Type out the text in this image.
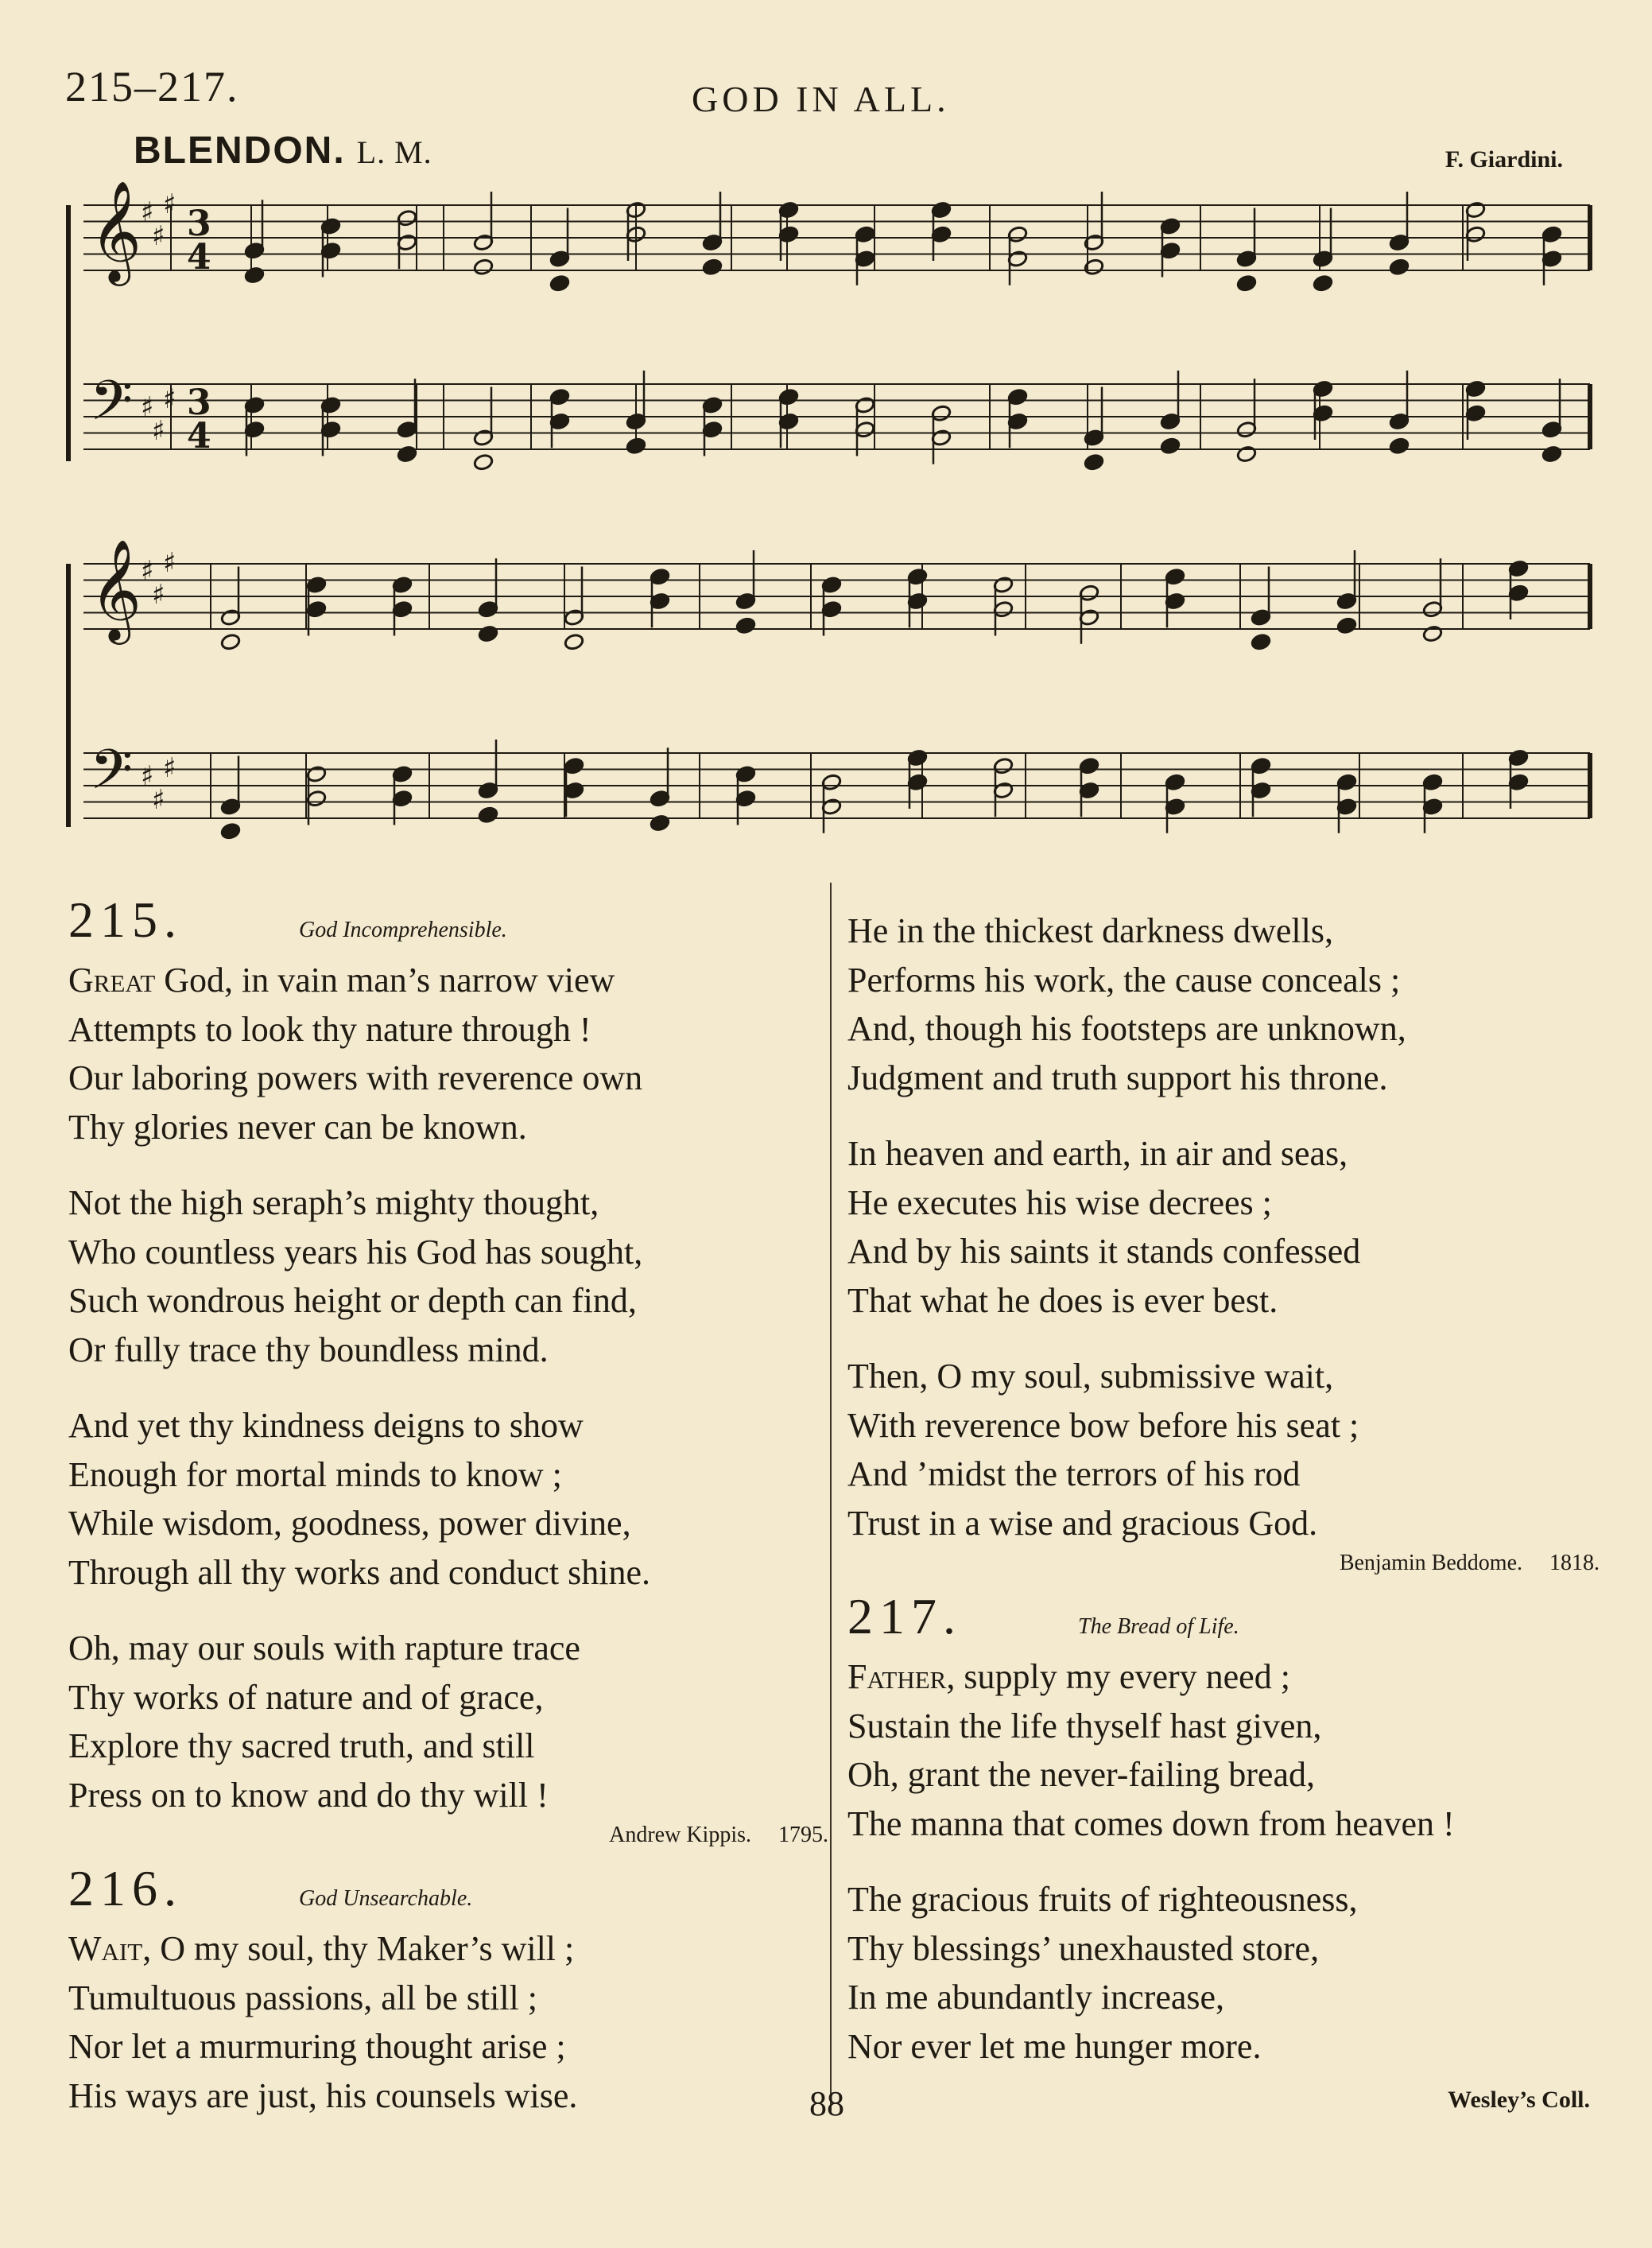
215–217.	GOD IN ALL.
BLENDON. L. M.	F. Giardini.
𝄞
♯
♯
♯ 3
4
𝄢 ♯
♯
♯ 3
4
𝄞
♯
♯
♯
𝄢 ♯
♯
♯
215.	God Incomprehensible.
Great God, in vain man’s narrow view
Attempts to look thy nature through !
Our laboring powers with reverence own
Thy glories never can be known.
Not the high seraph’s mighty thought,
Who countless years his God has sought,
Such wondrous height or depth can find,
Or fully trace thy boundless mind.
And yet thy kindness deigns to show
Enough for mortal minds to know ;
While wisdom, goodness, power divine,
Through all thy works and conduct shine.
Oh, may our souls with rapture trace
Thy works of nature and of grace,
Explore thy sacred truth, and still
Press on to know and do thy will !
Andrew Kippis. 1795.
216.	God Unsearchable.
Wait, O my soul, thy Maker’s will ;
Tumultuous passions, all be still ;
Nor let a murmuring thought arise ;
His ways are just, his counsels wise.
He in the thickest darkness dwells,
Performs his work, the cause conceals ;
And, though his footsteps are unknown,
Judgment and truth support his throne.
In heaven and earth, in air and seas,
He executes his wise decrees ;
And by his saints it stands confessed
That what he does is ever best.
Then, O my soul, submissive wait,
With reverence bow before his seat ;
And ’midst the terrors of his rod
Trust in a wise and gracious God.
Benjamin Beddome. 1818.
217.	The Bread of Life.
Father, supply my every need ;
Sustain the life thyself hast given,
Oh, grant the never-failing bread,
The manna that comes down from heaven !
The gracious fruits of righteousness,
Thy blessings’ unexhausted store,
In me abundantly increase,
Nor ever let me hunger more.
88	Wesley’s Coll.
